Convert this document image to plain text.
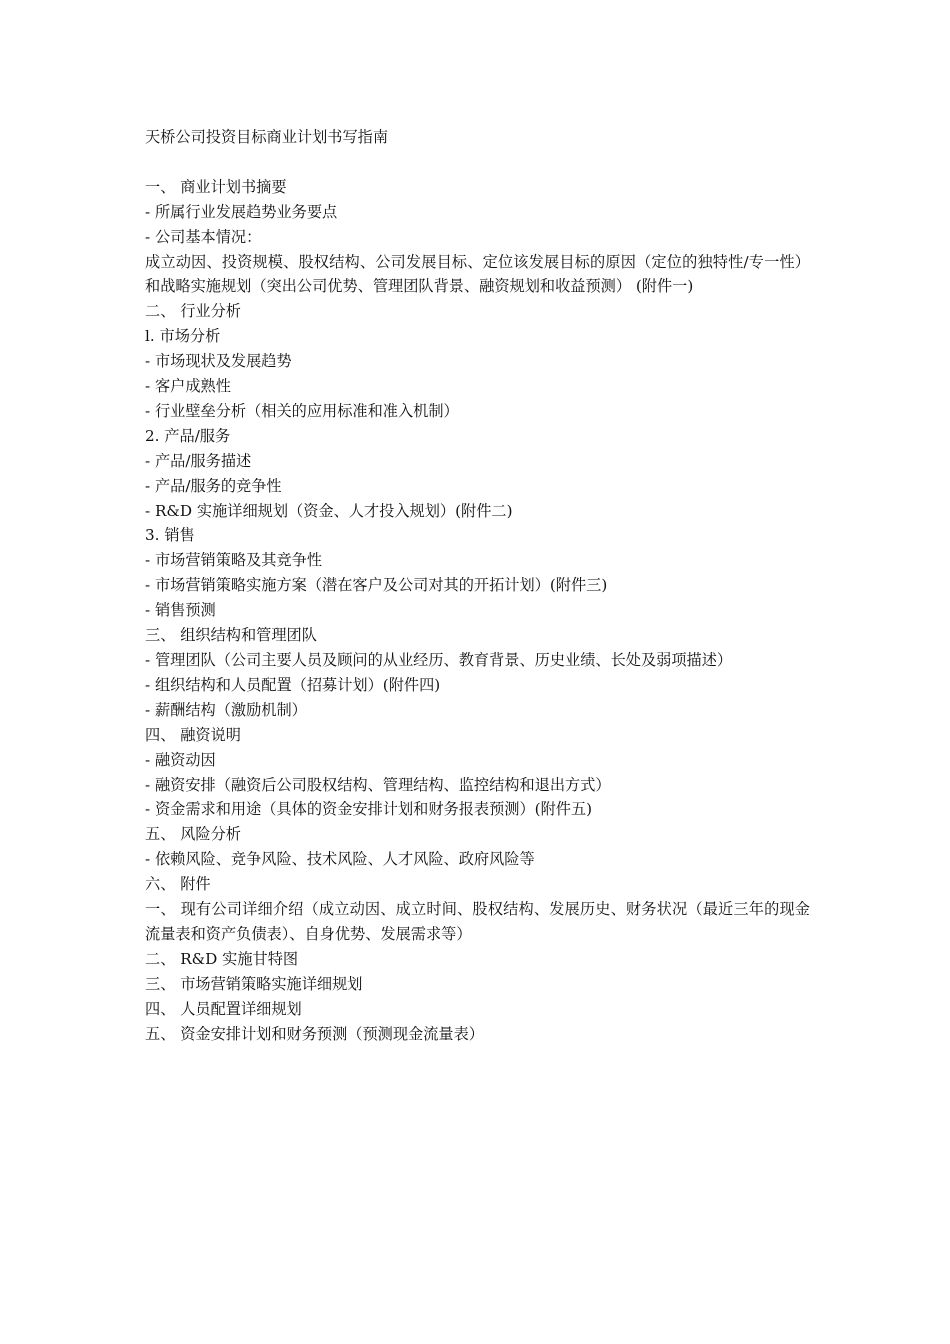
天桥公司投资目标商业计划书写指南

一、 商业计划书摘要

- 所属行业发展趋势业务要点

- 公司基本情况：

成立动因、投资规模、股权结构、公司发展目标、定位该发展目标的原因（定位的独特性/专一性）和战略实施规划（突出公司优势、管理团队背景、融资规划和收益预测） (附件一)

二、 行业分析

l. 市场分析

- 市场现状及发展趋势

- 客户成熟性

- 行业壁垒分析（相关的应用标准和准入机制）

2. 产品/服务

- 产品/服务描述

- 产品/服务的竞争性

- R&D 实施详细规划（资金、人才投入规划）(附件二)

3. 销售

- 市场营销策略及其竞争性

- 市场营销策略实施方案（潜在客户及公司对其的开拓计划）(附件三)

- 销售预测

三、 组织结构和管理团队

- 管理团队（公司主要人员及顾问的从业经历、教育背景、历史业绩、长处及弱项描述）

- 组织结构和人员配置（招募计划）(附件四)

- 薪酬结构（激励机制）

四、 融资说明

- 融资动因

- 融资安排（融资后公司股权结构、管理结构、监控结构和退出方式）

- 资金需求和用途（具体的资金安排计划和财务报表预测）(附件五)

五、 风险分析

- 依赖风险、竞争风险、技术风险、人才风险、政府风险等

六、 附件

一、 现有公司详细介绍（成立动因、成立时间、股权结构、发展历史、财务状况（最近三年的现金流量表和资产负债表）、自身优势、发展需求等）

二、 R&D 实施甘特图

三、 市场营销策略实施详细规划

四、 人员配置详细规划

五、 资金安排计划和财务预测（预测现金流量表）
